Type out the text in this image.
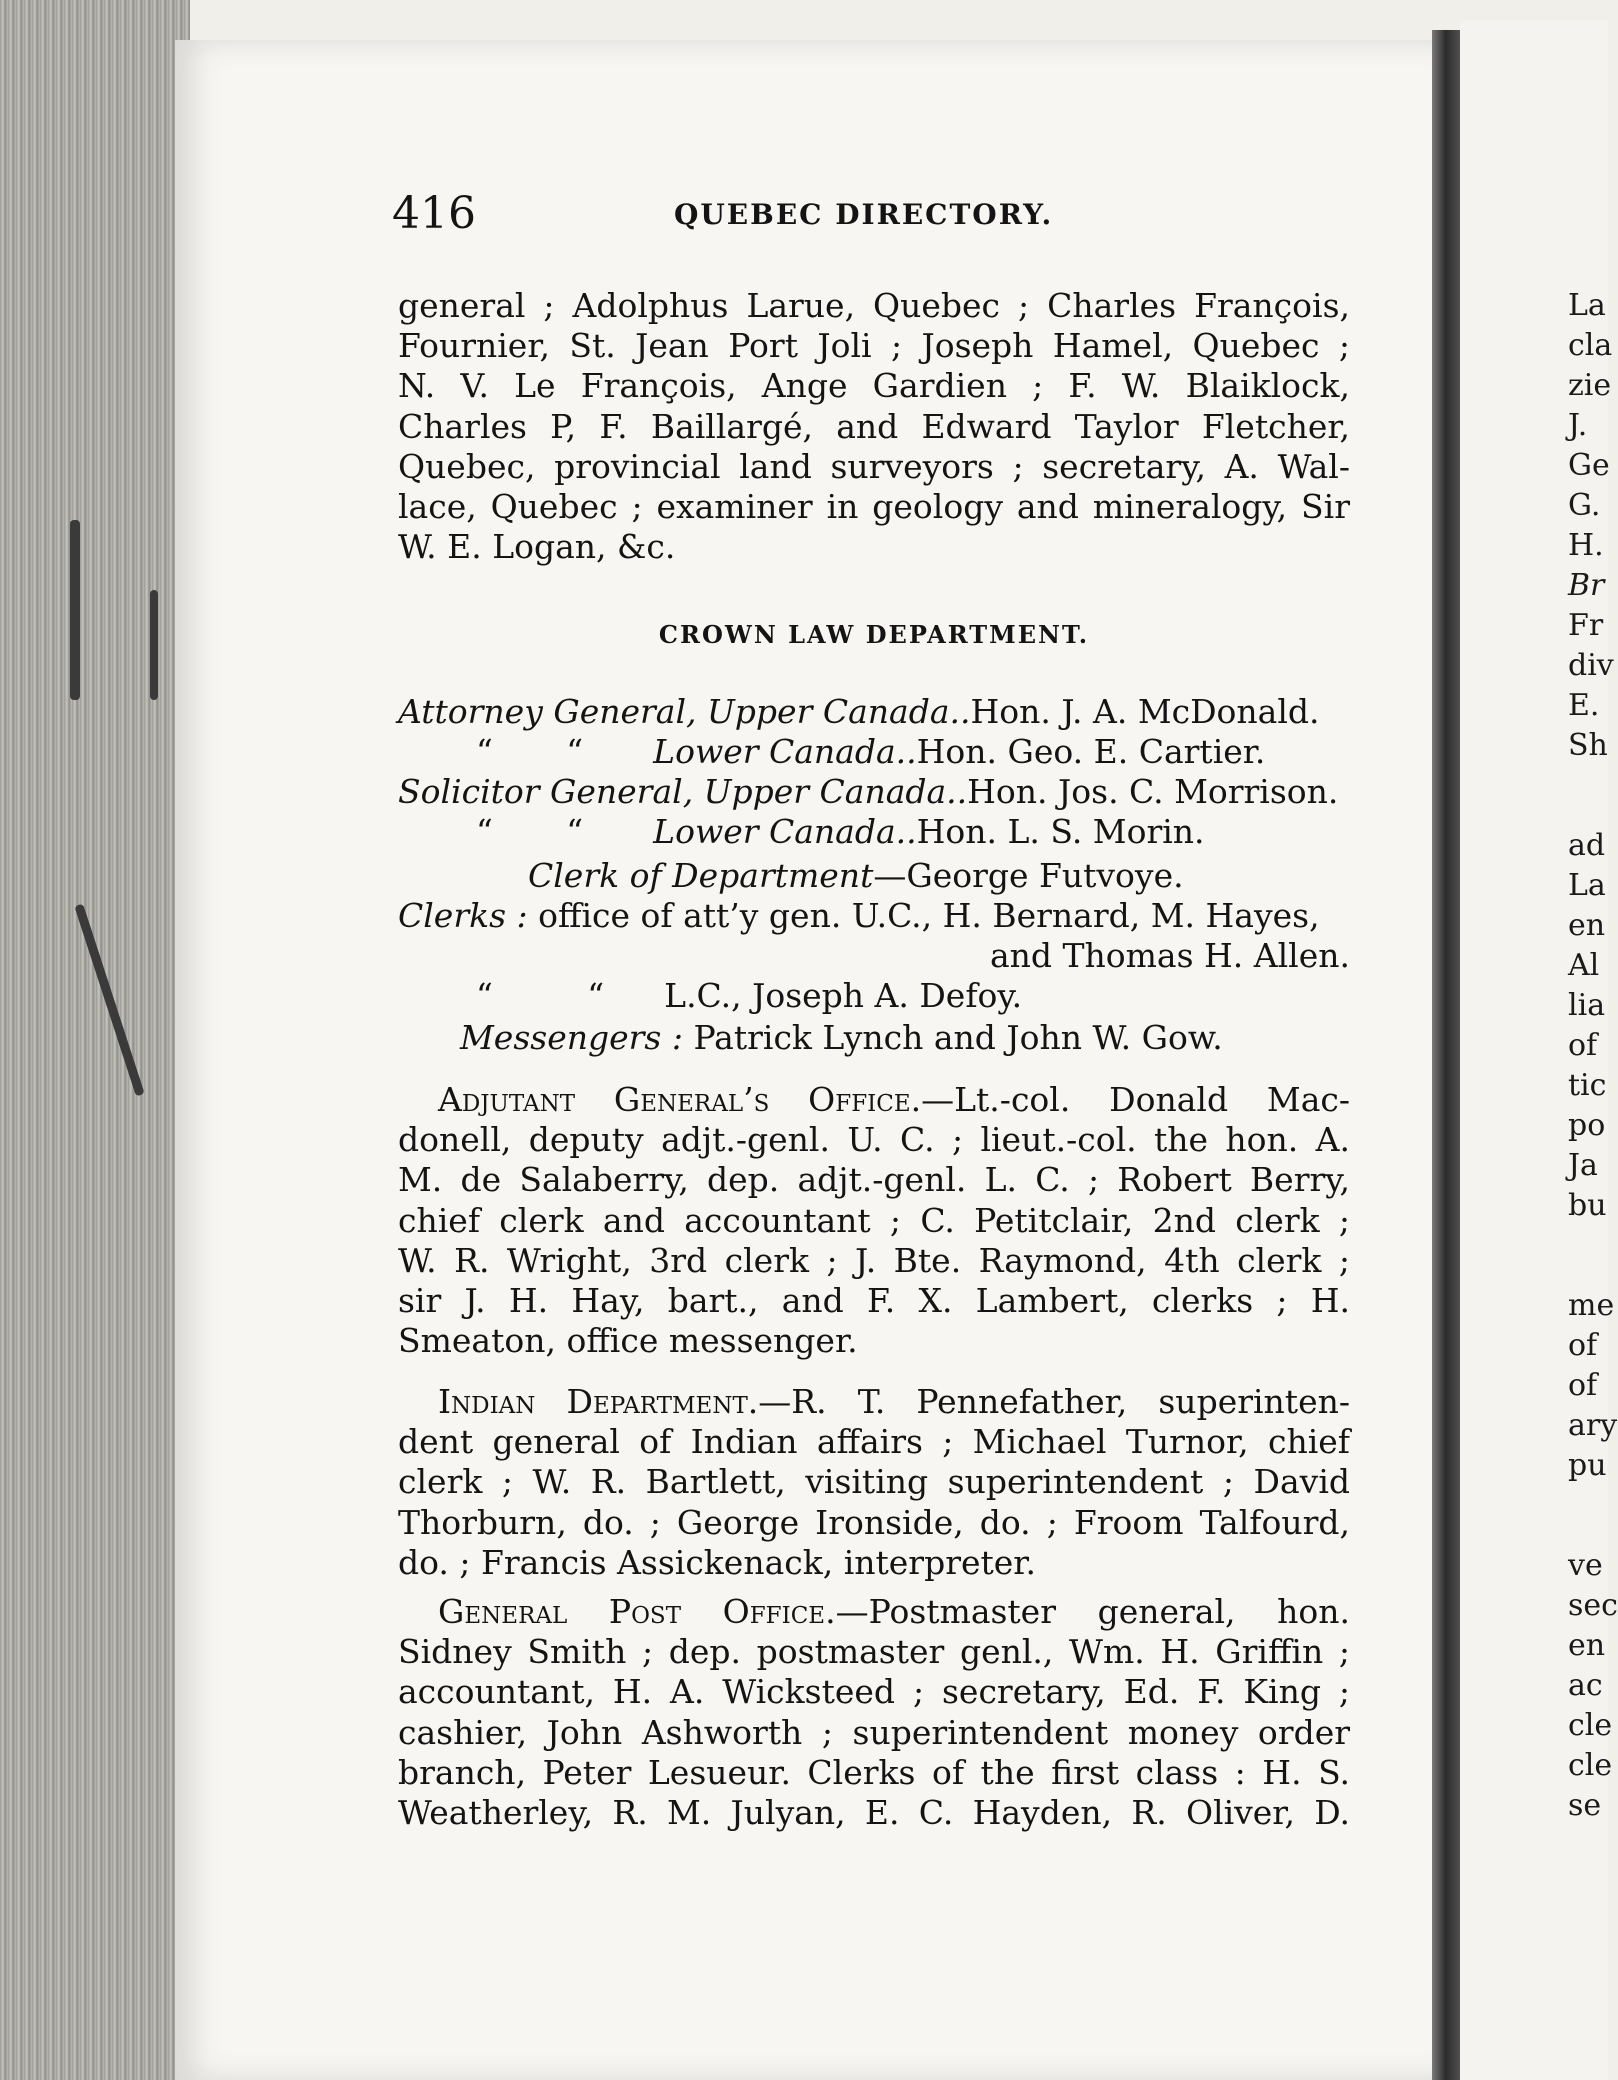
La
cla
zie
J.
Ge
G.
H.
Br
Fr
div
E.
Sh
ad
La
en
Al
lia
of
tic
po
Ja
bu
me
of
of
ary
pu
ve
sec
en
ac
cle
cle
se
416	QUEBEC DIRECTORY.
general ; Adolphus Larue, Quebec ; Charles François,
Fournier, St. Jean Port Joli ; Joseph Hamel, Quebec ;
N. V. Le François, Ange Gardien ; F. W. Blaiklock,
Charles P, F. Baillargé, and Edward Taylor Fletcher,
Quebec, provincial land surveyors ; secretary, A. Wal-
lace, Quebec ; examiner in geology and mineralogy, Sir
W. E. Logan, &c.
CROWN LAW DEPARTMENT.
Attorney General, Upper Canada..Hon. J. A. McDonald.
“       “ Lower Canada..Hon. Geo. E. Cartier.
Solicitor General, Upper Canada..Hon. Jos. C. Morrison.
“       “ Lower Canada..Hon. L. S. Morin.
Clerk of Department—George Futvoye.
Clerks : office of att’y gen. U.C., H. Bernard, M. Hayes,
and Thomas H. Allen.
“         “ L.C., Joseph A. Defoy.
Messengers : Patrick Lynch and John W. Gow.
Adjutant General’s Office.—Lt.-col. Donald Mac-
donell, deputy adjt.-genl. U. C. ; lieut.-col. the hon. A.
M. de Salaberry, dep. adjt.-genl. L. C. ; Robert Berry,
chief clerk and accountant ; C. Petitclair, 2nd clerk ;
W. R. Wright, 3rd clerk ; J. Bte. Raymond, 4th clerk ;
sir J. H. Hay, bart., and F. X. Lambert, clerks ; H.
Smeaton, office messenger.
Indian Department.—R. T. Pennefather, superinten-
dent general of Indian affairs ; Michael Turnor, chief
clerk ; W. R. Bartlett, visiting superintendent ; David
Thorburn, do. ; George Ironside, do. ; Froom Talfourd,
do. ; Francis Assickenack, interpreter.
General Post Office.—Postmaster general, hon.
Sidney Smith ; dep. postmaster genl., Wm. H. Griffin ;
accountant, H. A. Wicksteed ; secretary, Ed. F. King ;
cashier, John Ashworth ; superintendent money order
branch, Peter Lesueur. Clerks of the first class : H. S.
Weatherley, R. M. Julyan, E. C. Hayden, R. Oliver, D.
